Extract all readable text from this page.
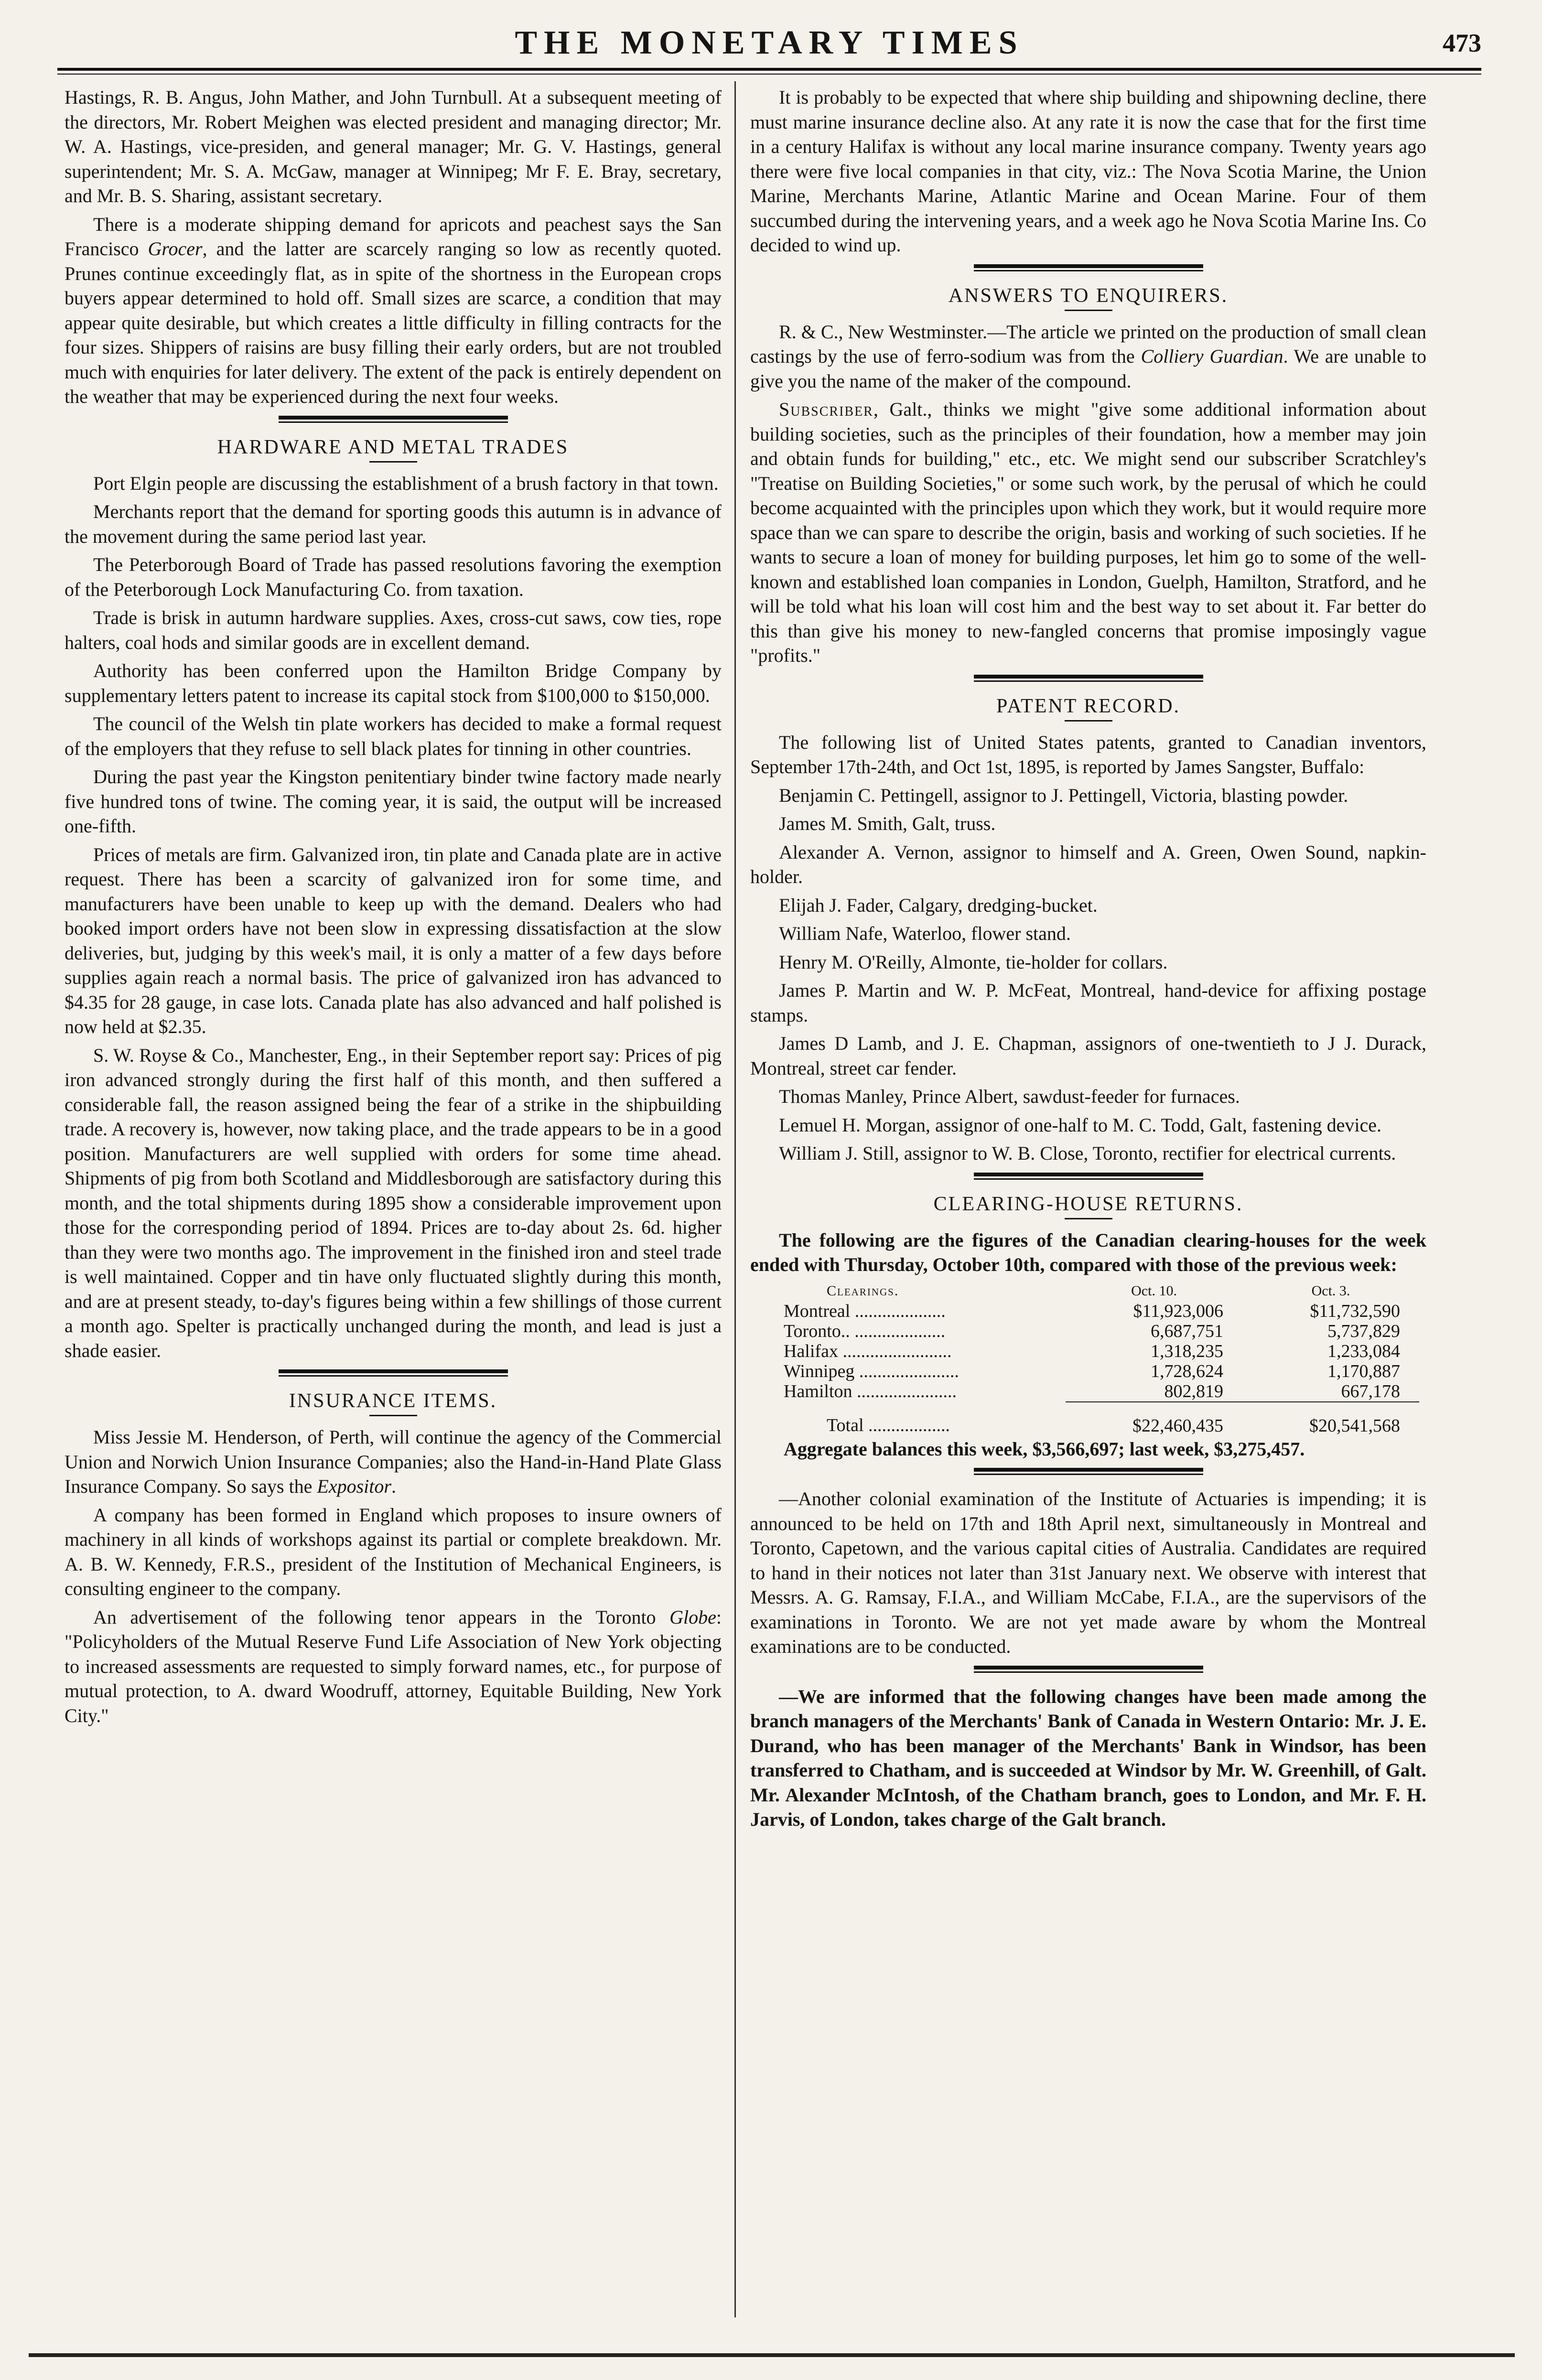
THE MONETARY TIMES	473

Hastings, R. B. Angus, John Mather, and John Turnbull. At a subsequent meeting of the directors, Mr. Robert Meighen was elected president and managing director; Mr. W. A. Hastings, vice-presiden, and general manager; Mr. G. V. Hastings, general superintendent; Mr. S. A. McGaw, manager at Winnipeg; Mr F. E. Bray, secretary, and Mr. B. S. Sharing, assistant secretary.

There is a moderate shipping demand for apricots and peachest says the San Francisco Grocer, and the latter are scarcely ranging so low as recently quoted. Prunes continue exceedingly flat, as in spite of the shortness in the European crops buyers appear determined to hold off. Small sizes are scarce, a condition that may appear quite desirable, but which creates a little difficulty in filling contracts for the four sizes. Shippers of raisins are busy filling their early orders, but are not troubled much with enquiries for later delivery. The extent of the pack is entirely dependent on the weather that may be experienced during the next four weeks.

HARDWARE AND METAL TRADES

Port Elgin people are discussing the establishment of a brush factory in that town.

Merchants report that the demand for sporting goods this autumn is in advance of the movement during the same period last year.

The Peterborough Board of Trade has passed resolutions favoring the exemption of the Peterborough Lock Manufacturing Co. from taxation.

Trade is brisk in autumn hardware supplies. Axes, cross-cut saws, cow ties, rope halters, coal hods and similar goods are in excellent demand.

Authority has been conferred upon the Hamilton Bridge Company by supplementary letters patent to increase its capital stock from $100,000 to $150,000.

The council of the Welsh tin plate workers has decided to make a formal request of the employers that they refuse to sell black plates for tinning in other countries.

During the past year the Kingston penitentiary binder twine factory made nearly five hundred tons of twine. The coming year, it is said, the output will be increased one-fifth.

Prices of metals are firm. Galvanized iron, tin plate and Canada plate are in active request. There has been a scarcity of galvanized iron for some time, and manufacturers have been unable to keep up with the demand. Dealers who had booked import orders have not been slow in expressing dissatisfaction at the slow deliveries, but, judging by this week's mail, it is only a matter of a few days before supplies again reach a normal basis. The price of galvanized iron has advanced to $4.35 for 28 gauge, in case lots. Canada plate has also advanced and half polished is now held at $2.35.

S. W. Royse & Co., Manchester, Eng., in their September report say: Prices of pig iron advanced strongly during the first half of this month, and then suffered a considerable fall, the reason assigned being the fear of a strike in the shipbuilding trade. A recovery is, however, now taking place, and the trade appears to be in a good position. Manufacturers are well supplied with orders for some time ahead. Shipments of pig from both Scotland and Middlesborough are satisfactory during this month, and the total shipments during 1895 show a considerable improvement upon those for the corresponding period of 1894. Prices are to-day about 2s. 6d. higher than they were two months ago. The improvement in the finished iron and steel trade is well maintained. Copper and tin have only fluctuated slightly during this month, and are at present steady, to-day's figures being within a few shillings of those current a month ago. Spelter is practically unchanged during the month, and lead is just a shade easier.

INSURANCE ITEMS.

Miss Jessie M. Henderson, of Perth, will continue the agency of the Commercial Union and Norwich Union Insurance Companies; also the Hand-in-Hand Plate Glass Insurance Company. So says the Expositor.

A company has been formed in England which proposes to insure owners of machinery in all kinds of workshops against its partial or complete breakdown. Mr. A. B. W. Kennedy, F.R.S., president of the Institution of Mechanical Engineers, is consulting engineer to the company.

An advertisement of the following tenor appears in the Toronto Globe: "Policyholders of the Mutual Reserve Fund Life Association of New York objecting to increased assessments are requested to simply forward names, etc., for purpose of mutual protection, to A. dward Woodruff, attorney, Equitable Building, New York City."

It is probably to be expected that where ship building and shipowning decline, there must marine insurance decline also. At any rate it is now the case that for the first time in a century Halifax is without any local marine insurance company. Twenty years ago there were five local companies in that city, viz.: The Nova Scotia Marine, the Union Marine, Merchants Marine, Atlantic Marine and Ocean Marine. Four of them succumbed during the intervening years, and a week ago he Nova Scotia Marine Ins. Co decided to wind up.

ANSWERS TO ENQUIRERS.

R. & C., New Westminster.—The article we printed on the production of small clean castings by the use of ferro-sodium was from the Colliery Guardian. We are unable to give you the name of the maker of the compound.

Subscriber, Galt., thinks we might "give some additional information about building societies, such as the principles of their foundation, how a member may join and obtain funds for building," etc., etc. We might send our subscriber Scratchley's "Treatise on Building Societies," or some such work, by the perusal of which he could become acquainted with the principles upon which they work, but it would require more space than we can spare to describe the origin, basis and working of such societies. If he wants to secure a loan of money for building purposes, let him go to some of the well-known and established loan companies in London, Guelph, Hamilton, Stratford, and he will be told what his loan will cost him and the best way to set about it. Far better do this than give his money to new-fangled concerns that promise imposingly vague "profits."

PATENT RECORD.

The following list of United States patents, granted to Canadian inventors, September 17th-24th, and Oct 1st, 1895, is reported by James Sangster, Buffalo:

Benjamin C. Pettingell, assignor to J. Pettingell, Victoria, blasting powder.

James M. Smith, Galt, truss.

Alexander A. Vernon, assignor to himself and A. Green, Owen Sound, napkin-holder.

Elijah J. Fader, Calgary, dredging-bucket.

William Nafe, Waterloo, flower stand.

Henry M. O'Reilly, Almonte, tie-holder for collars.

James P. Martin and W. P. McFeat, Montreal, hand-device for affixing postage stamps.

James D Lamb, and J. E. Chapman, assignors of one-twentieth to J J. Durack, Montreal, street car fender.

Thomas Manley, Prince Albert, sawdust-feeder for furnaces.

Lemuel H. Morgan, assignor of one-half to M. C. Todd, Galt, fastening device.

William J. Still, assignor to W. B. Close, Toronto, rectifier for electrical currents.

CLEARING-HOUSE RETURNS.

The following are the figures of the Canadian clearing-houses for the week ended with Thursday, October 10th, compared with those of the previous week:

Clearings.	Oct. 10.	Oct. 3.
Montreal ....................	$11,923,006	$11,732,590
Toronto.. ....................	6,687,751	5,737,829
Halifax ........................	1,318,235	1,233,084
Winnipeg ......................	1,728,624	1,170,887
Hamilton ......................	802,819	667,178
Total ..................	$22,460,435	$20,541,568

Aggregate balances this week, $3,566,697; last week, $3,275,457.

—Another colonial examination of the Institute of Actuaries is impending; it is announced to be held on 17th and 18th April next, simultaneously in Montreal and Toronto, Capetown, and the various capital cities of Australia. Candidates are required to hand in their notices not later than 31st January next. We observe with interest that Messrs. A. G. Ramsay, F.I.A., and William McCabe, F.I.A., are the supervisors of the examinations in Toronto. We are not yet made aware by whom the Montreal examinations are to be conducted.

—We are informed that the following changes have been made among the branch managers of the Merchants' Bank of Canada in Western Ontario: Mr. J. E. Durand, who has been manager of the Merchants' Bank in Windsor, has been transferred to Chatham, and is succeeded at Windsor by Mr. W. Greenhill, of Galt. Mr. Alexander McIntosh, of the Chatham branch, goes to London, and Mr. F. H. Jarvis, of London, takes charge of the Galt branch.
